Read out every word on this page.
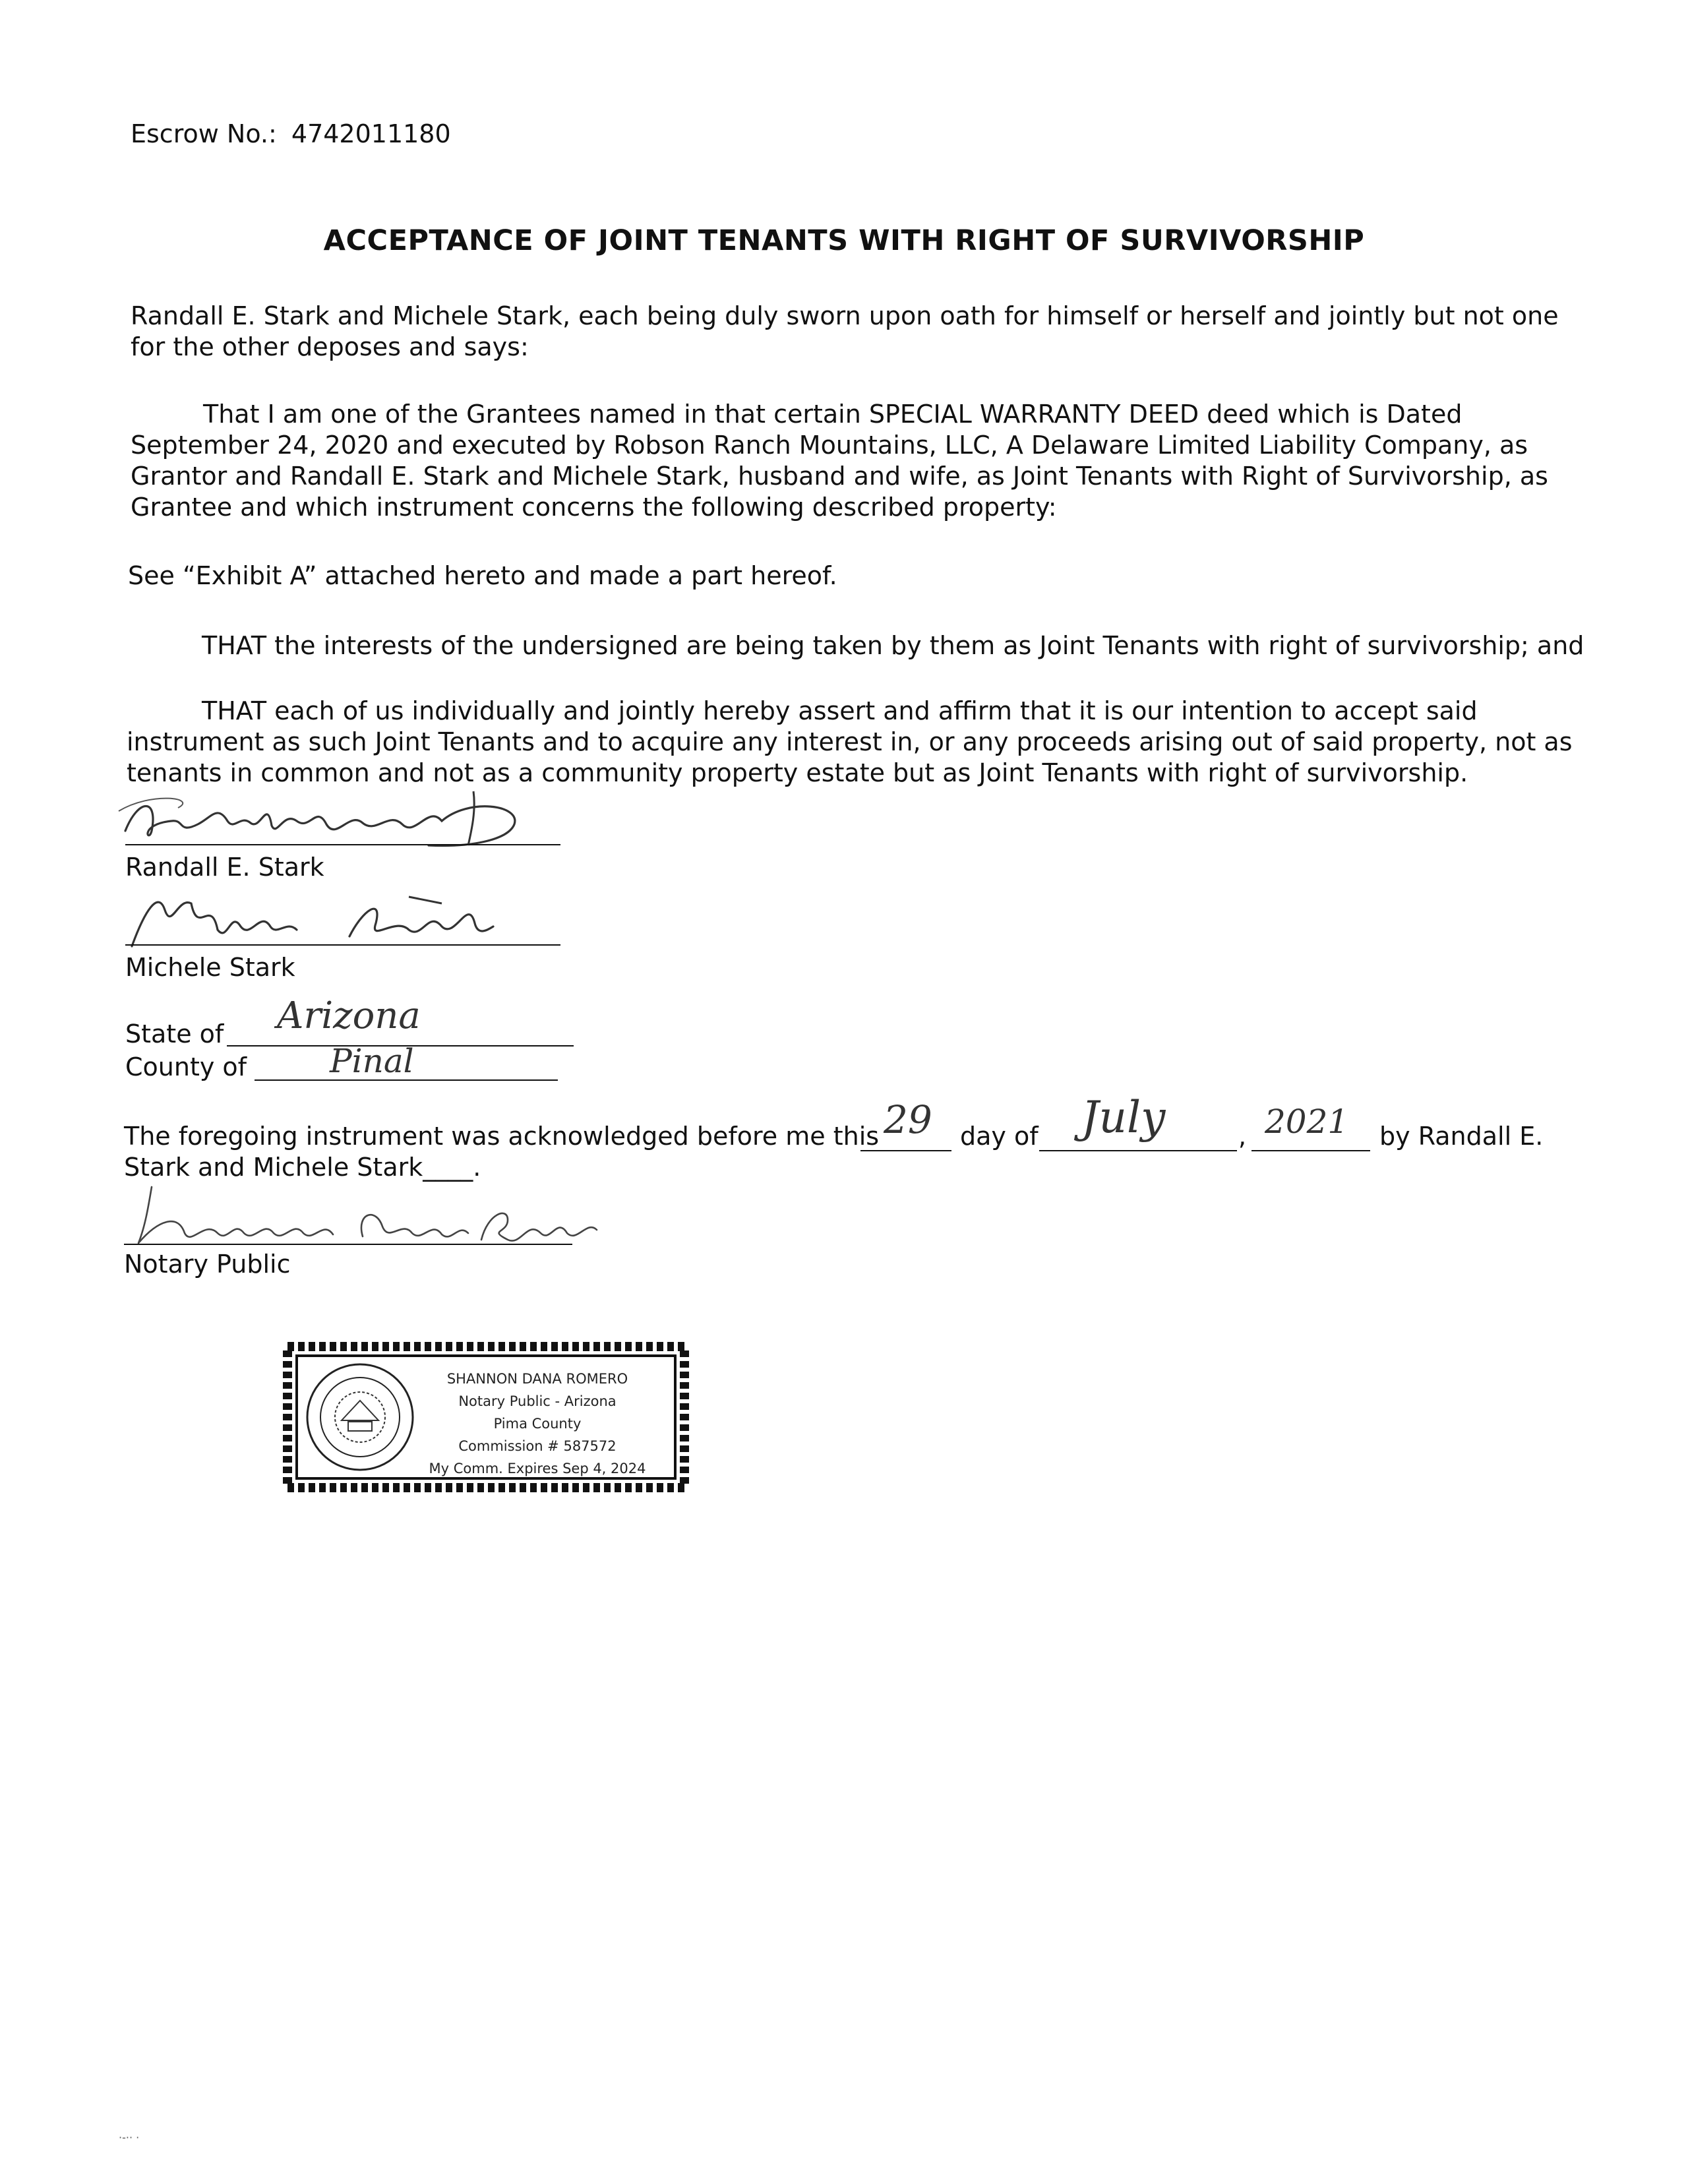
Escrow No.: 4742011180
ACCEPTANCE OF JOINT TENANTS WITH RIGHT OF SURVIVORSHIP
Randall E. Stark and Michele Stark, each being duly sworn upon oath for himself or herself and jointly but not one for the other deposes and says:
That I am one of the Grantees named in that certain SPECIAL WARRANTY DEED deed which is Dated September 24, 2020 and executed by Robson Ranch Mountains, LLC, A Delaware Limited Liability Company, as Grantor and Randall E. Stark and Michele Stark, husband and wife, as Joint Tenants with Right of Survivorship, as Grantee and which instrument concerns the following described property:
See “Exhibit A” attached hereto and made a part hereof.
THAT the interests of the undersigned are being taken by them as Joint Tenants with right of survivorship; and
THAT each of us individually and jointly hereby assert and affirm that it is our intention to accept said instrument as such Joint Tenants and to acquire any interest in, or any proceeds arising out of said property, not as tenants in common and not as a community property estate but as Joint Tenants with right of survivorship.
Randall E. Stark
Michele Stark
State of Arizona
County of	Pinal
The foregoing instrument was acknowledged before me this 29 day of July	, 2021 by Randall E.
Stark and Michele Stark____.
Notary Public
SHANNON DANA ROMERO
Notary Public - Arizona
Pima County
Commission # 587572
My Comm. Expires Sep 4, 2024
·-·· ·
